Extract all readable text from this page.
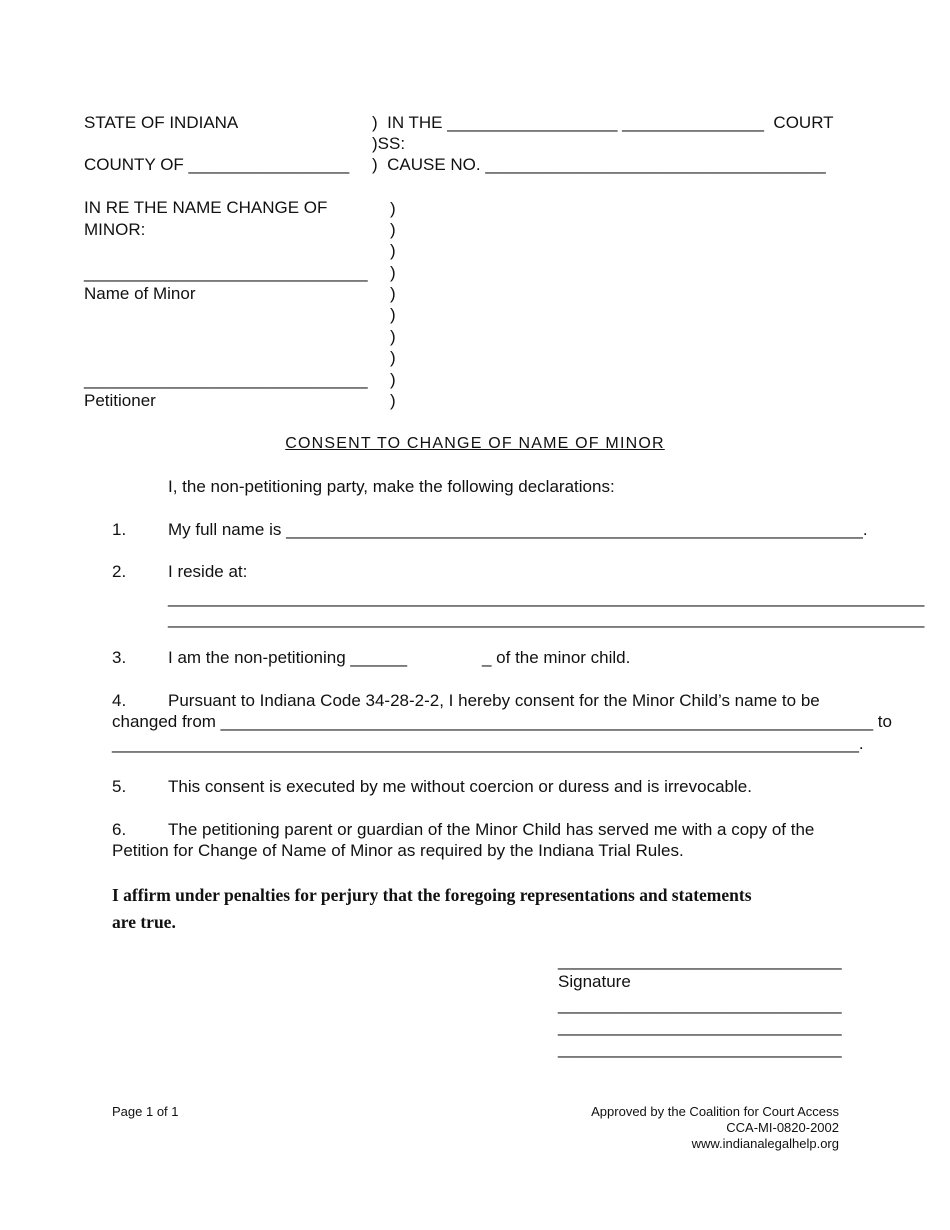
STATE OF INDIANA	)  IN THE __________________ _______________  COURT
)SS:
COUNTY OF _________________ )  CAUSE NO. ____________________________________
IN RE THE NAME CHANGE OF
MINOR:
______________________________
Name of Minor
______________________________
Petitioner
)
)
)
)
)
)
)
)
)
)
CONSENT TO CHANGE OF NAME OF MINOR
I, the non-petitioning party, make the following declarations:
1. My full name is _____________________________________________________________.
2. I reside at:
________________________________________________________________________________
________________________________________________________________________________
3. I am the non-petitioning ______	_ of the minor child.
4. Pursuant to Indiana Code 34-28-2-2, I hereby consent for the Minor Child’s name to be
changed from _____________________________________________________________________ to
_______________________________________________________________________________.
5. This consent is executed by me without coercion or duress and is irrevocable.
6. The petitioning parent or guardian of the Minor Child has served me with a copy of the
Petition for Change of Name of Minor as required by the Indiana Trial Rules.
I affirm under penalties for perjury that the foregoing representations and statements
are true.
______________________________
Signature
______________________________
______________________________
______________________________
Page 1 of 1	Approved by the Coalition for Court Access
CCA-MI-0820-2002
www.indianalegalhelp.org
